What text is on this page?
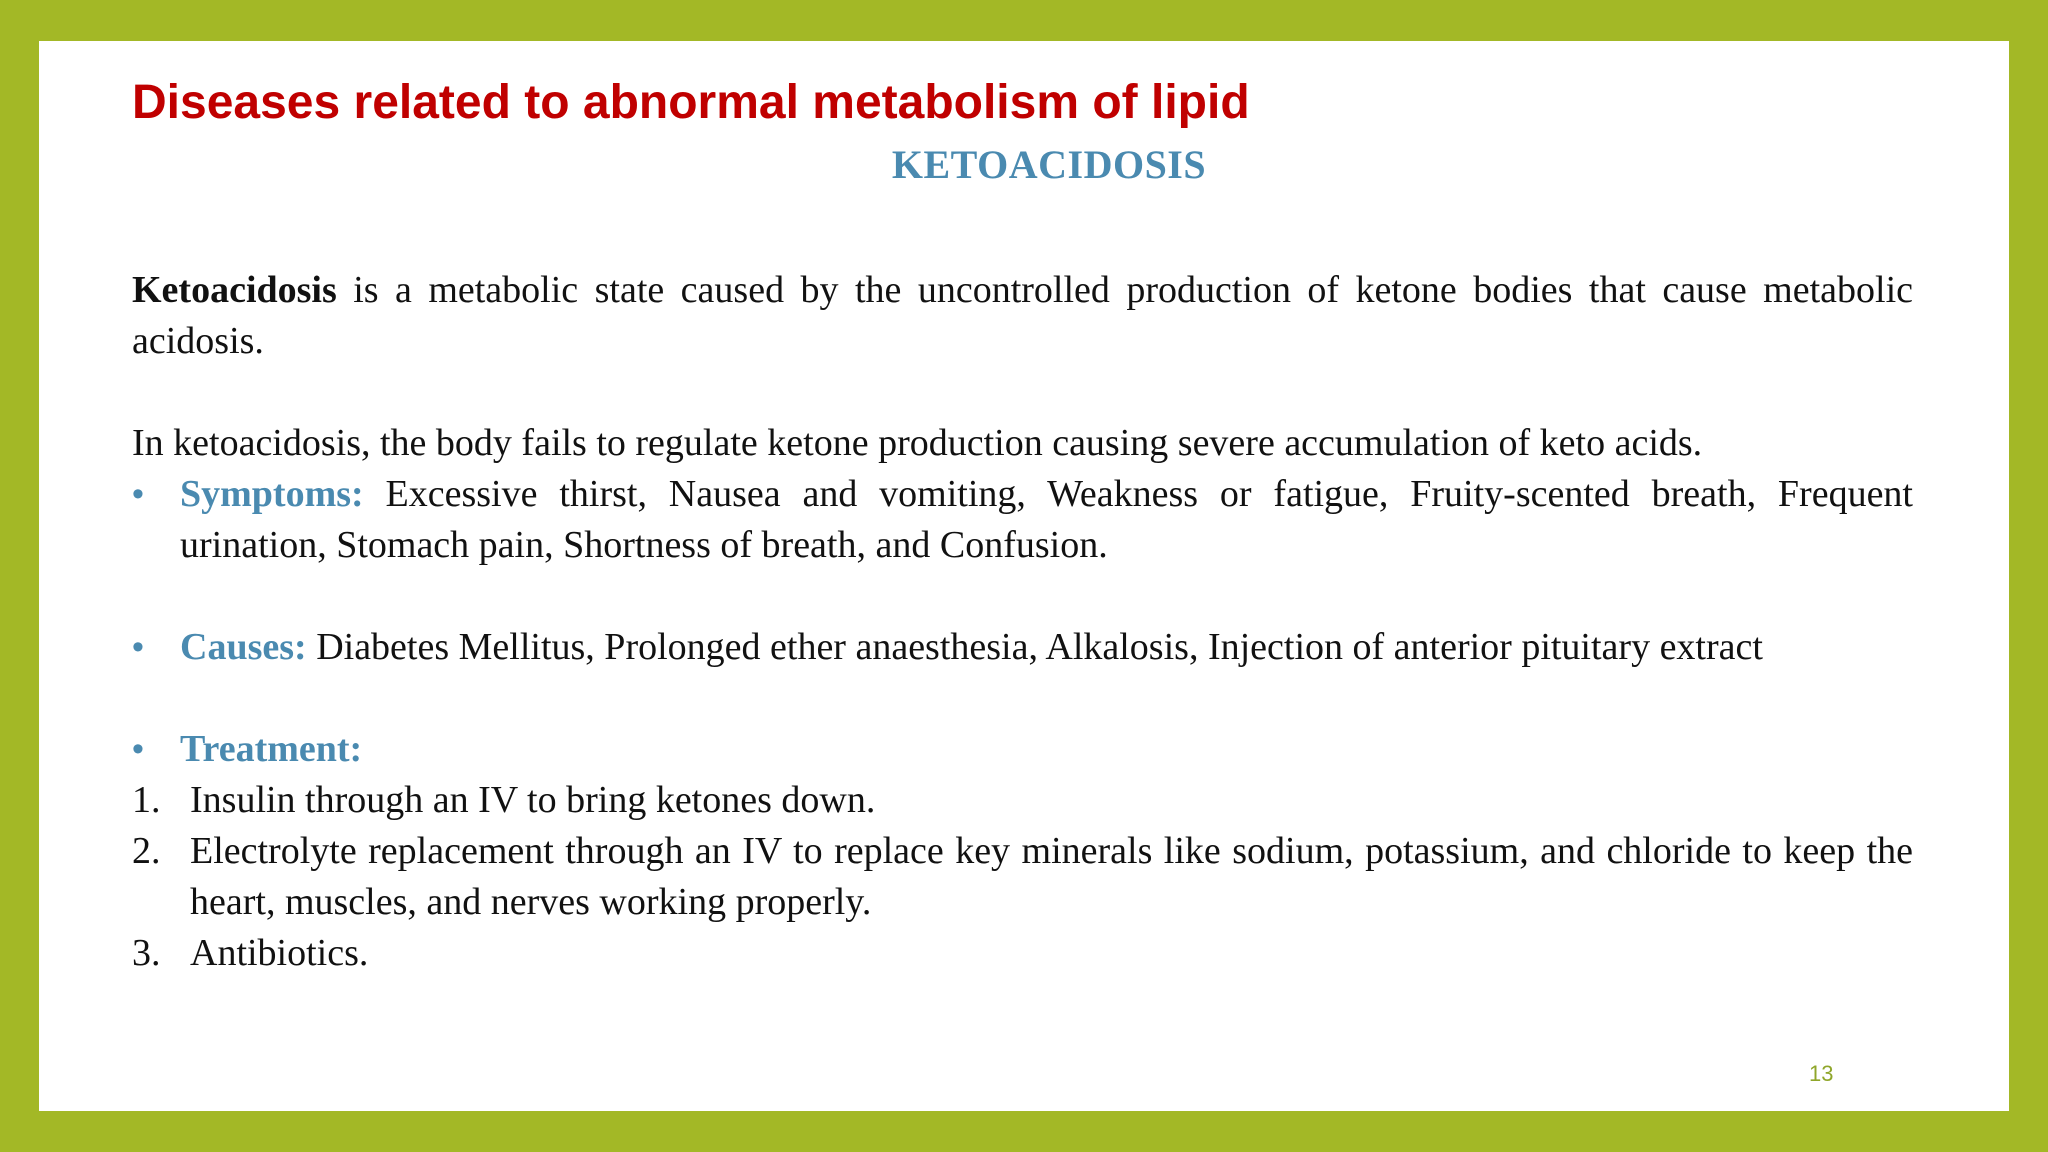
Diseases related to abnormal metabolism of lipid
KETOACIDOSIS

Ketoacidosis is a metabolic state caused by the uncontrolled production of ketone bodies that cause metabolic acidosis.

In ketoacidosis, the body fails to regulate ketone production causing severe accumulation of keto acids.

• Symptoms: Excessive thirst, Nausea and vomiting, Weakness or fatigue, Fruity-scented breath, Frequent urination, Stomach pain, Shortness of breath, and Confusion.

• Causes: Diabetes Mellitus, Prolonged ether anaesthesia, Alkalosis, Injection of anterior pituitary extract

• Treatment:

1. Insulin through an IV to bring ketones down.

2. Electrolyte replacement through an IV to replace key minerals like sodium, potassium, and chloride to keep the heart, muscles, and nerves working properly.

3. Antibiotics.

13
